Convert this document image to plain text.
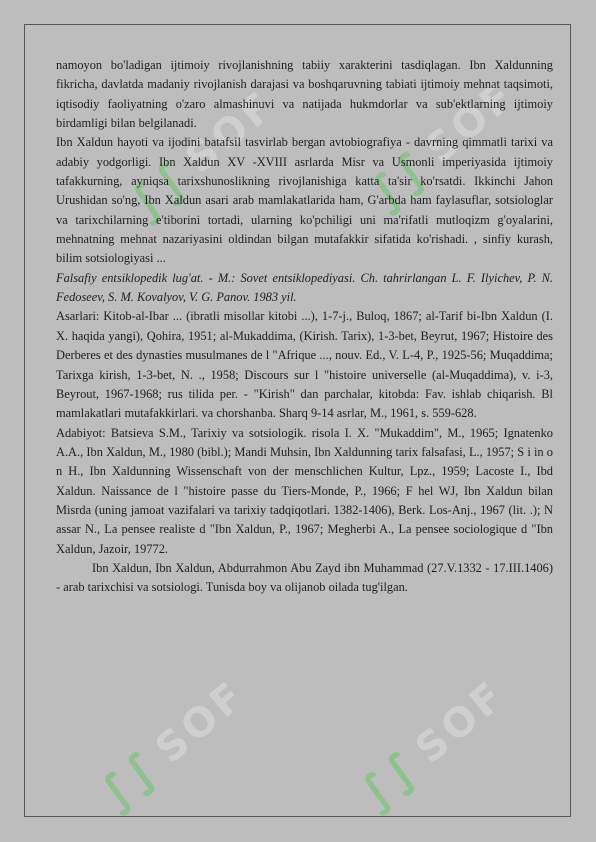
∫∫ SOF ∫∫ SOF
∫∫ SOF
∫∫ SOF

namoyon bo'ladigan ijtimoiy rivojlanishning tabiiy xarakterini tasdiqlagan. Ibn Xaldunning fikricha, davlatda madaniy rivojlanish darajasi va boshqaruvning tabiati ijtimoiy mehnat taqsimoti, iqtisodiy faoliyatning o'zaro almashinuvi va natijada hukmdorlar va sub'ektlarning ijtimoiy birdamligi bilan belgilanadi.

Ibn Xaldun hayoti va ijodini batafsil tasvirlab bergan avtobiografiya - davrning qimmatli tarixi va adabiy yodgorligi. Ibn Xaldun XV -XVIII asrlarda Misr va Usmonli imperiyasida ijtimoiy tafakkurning, ayniqsa tarixshunoslikning rivojlanishiga katta ta'sir ko'rsatdi. Ikkinchi Jahon Urushidan so'ng, Ibn Xaldun asari arab mamlakatlarida ham, G'arbda ham faylasuflar, sotsiologlar va tarixchilarning e'tiborini tortadi, ularning ko'pchiligi uni ma'rifatli mutloqizm g'oyalarini, mehnatning mehnat nazariyasini oldindan bilgan mutafakkir sifatida ko'rishadi. , sinfiy kurash, bilim sotsiologiyasi ...

Falsafiy entsiklopedik lug'at. - M.: Sovet entsiklopediyasi. Ch. tahrirlangan L. F. Ilyichev, P. N. Fedoseev, S. M. Kovalyov, V. G. Panov. 1983 yil.

Asarlari: Kitob-al-Ibar ... (ibratli misollar kitobi ...), 1-7-j., Buloq, 1867; al-Tarif bi-Ibn Xaldun (I. X. haqida yangi), Qohira, 1951; al-Mukaddima, (Kirish. Tarix), 1-3-bet, Beyrut, 1967; Histoire des Derberes et des dynasties musulmanes de l "Afrique ..., nouv. Ed., V. L-4, P., 1925-56; Muqaddima; Tarixga kirish, 1-3-bet, N. ., 1958; Discours sur l "histoire universelle (al-Muqaddima), v. i-3, Beyrout, 1967-1968; rus tilida per. - "Kirish" dan parchalar, kitobda: Fav. ishlab chiqarish. Bl mamlakatlari mutafakkirlari. va chorshanba. Sharq 9-14 asrlar, M., 1961, s. 559-628.

Adabiyot: Batsieva S.M., Tarixiy va sotsiologik. risola I. X. "Mukaddim", M., 1965; Ignatenko A.A., Ibn Xaldun, M., 1980 (bibl.); Mandi Muhsin, Ibn Xaldunning tarix falsafasi, L., 1957; S i in o n H., Ibn Xaldunning Wissenschaft von der menschlichen Kultur, Lpz., 1959; Lacoste I., Ibd Xaldun. Naissance de l "histoire passe du Tiers-Monde, P., 1966; F hel WJ, Ibn Xaldun bilan Misrda (uning jamoat vazifalari va tarixiy tadqiqotlari. 1382-1406), Berk. Los-Anj., 1967 (lit. .); N assar N., La pensee realiste d "Ibn Xaldun, P., 1967; Megherbi A., La pensee sociologique d "Ibn Xaldun, Jazoir, 19772.

Ibn Xaldun, Ibn Xaldun, Abdurrahmon Abu Zayd ibn Muhammad (27.V.1332 - 17.III.1406) - arab tarixchisi va sotsiologi. Tunisda boy va olijanob oilada tug'ilgan.
